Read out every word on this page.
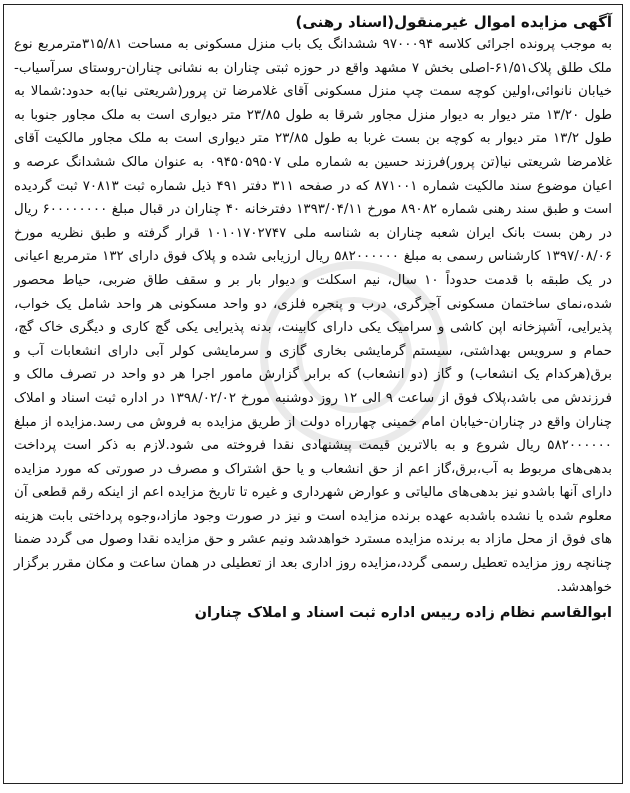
آگهی مزایده اموال غیرمنقول(اسناد رهنی)

به موجب پرونده اجرائی کلاسه ۹۷۰۰۰۹۴ ششدانگ یک باب منزل مسکونی به مساحت ۳۱۵/۸۱مترمربع نوع ملک طلق پلاک۶۱/۵۱-اصلی بخش ۷ مشهد واقع در حوزه ثبتی چناران به نشانی چناران-روستای سرآسیاب-خیابان نانوائی،اولین کوچه سمت چپ منزل مسکونی آقای غلامرضا تن پرور(شریعتی نیا)به حدود:شمالا به طول ۱۳/۲۰ متر دیوار به دیوار منزل مجاور شرقا به طول ۲۳/۸۵ متر دیواری است به ملک مجاور جنوبا به طول ۱۳/۲ متر دیوار به کوچه بن بست غربا به طول ۲۳/۸۵ متر دیواری است به ملک مجاور مالکیت آقای غلامرضا شریعتی نیا(تن پرور)فرزند حسین به شماره ملی ۰۹۴۵۰۵۹۵۰۷ به عنوان مالک ششدانگ عرصه و اعیان موضوع سند مالکیت شماره ۸۷۱۰۰۱ که در صفحه ۳۱۱ دفتر ۴۹۱ ذیل شماره ثبت ۷۰۸۱۳ ثبت گردیده است و طبق سند رهنی شماره ۸۹۰۸۲ مورخ ۱۳۹۳/۰۴/۱۱ دفترخانه ۴۰ چناران در قبال مبلغ ۶۰۰۰۰۰۰۰۰ ریال در رهن بست بانک ایران شعبه چناران به شناسه ملی ۱۰۱۰۱۷۰۲۷۴۷ قرار گرفته و طبق نظریه مورخ ۱۳۹۷/۰۸/۰۶ کارشناس رسمی به مبلغ ۵۸۲۰۰۰۰۰۰ ریال ارزیابی شده و پلاک فوق دارای ۱۳۲ مترمربع اعیانی در یک طبقه با قدمت حدوداً ۱۰ سال، نیم اسکلت و دیوار بار بر و سقف طاق ضربی، حیاط محصور شده،نمای ساختمان مسکونی آجرگری، درب و پنجره فلزی، دو واحد مسکونی هر واحد شامل یک خواب، پذیرایی، آشپزخانه اپن کاشی و سرامیک یکی دارای کابینت، بدنه پذیرایی یکی گچ کاری و دیگری خاک گچ، حمام و سرویس بهداشتی، سیستم گرمایشی بخاری گازی و سرمایشی کولر آبی دارای انشعابات آب و برق(هرکدام یک انشعاب) و گاز (دو انشعاب) که برابر گزارش مامور اجرا هر دو واحد در تصرف مالک و فرزندش می باشد،پلاک فوق از ساعت ۹ الی ۱۲ روز دوشنبه مورخ ۱۳۹۸/۰۲/۰۲ در اداره ثبت اسناد و املاک چناران واقع در چناران-خیابان امام خمینی چهارراه دولت از طریق مزایده به فروش می رسد.مزایده از مبلغ ۵۸۲۰۰۰۰۰۰ ریال شروع و به بالاترین قیمت پیشنهادی نقدا فروخته می شود.لازم به ذکر است پرداخت بدهی‌های مربوط به آب،برق،گاز اعم از حق انشعاب و یا حق اشتراک و مصرف در صورتی که مورد مزایده دارای آنها باشدو نیز بدهی‌های مالیاتی و عوارض شهرداری و غیره تا تاریخ مزایده اعم از اینکه رقم قطعی آن معلوم شده یا نشده باشدبه عهده برنده مزایده است و نیز در صورت وجود مازاد،وجوه پرداختی بابت هزینه های فوق از محل مازاد به برنده مزایده مسترد خواهدشد ونیم عشر و حق مزایده نقدا وصول می گردد ضمنا چنانچه روز مزایده تعطیل رسمی گردد،مزایده روز اداری بعد از تعطیلی در همان ساعت و مکان مقرر برگزار خواهدشد.

ابوالقاسم نظام زاده رییس اداره ثبت اسناد و املاک چناران
